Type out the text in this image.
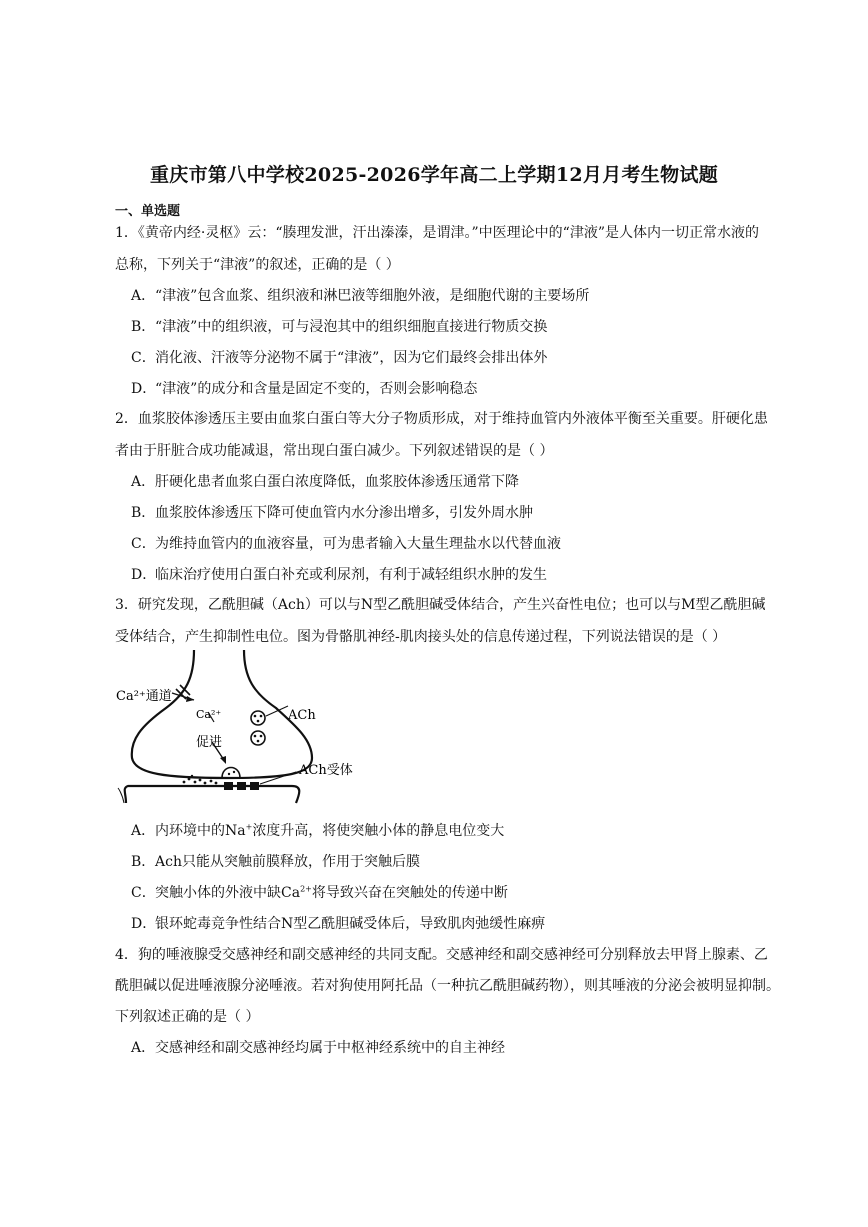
重庆市第八中学校2025-2026学年高二上学期12月月考生物试题
一、单选题
1．《黄帝内经·灵枢》云：“腠理发泄，汗出溱溱，是谓津。”中医理论中的“津液”是人体内一切正常水液的
总称，下列关于“津液”的叙述，正确的是（ ）
A．“津液”包含血浆、组织液和淋巴液等细胞外液，是细胞代谢的主要场所
B．“津液”中的组织液，可与浸泡其中的组织细胞直接进行物质交换
C．消化液、汗液等分泌物不属于“津液”，因为它们最终会排出体外
D．“津液”的成分和含量是固定不变的，否则会影响稳态
2．血浆胶体渗透压主要由血浆白蛋白等大分子物质形成，对于维持血管内外液体平衡至关重要。肝硬化患
者由于肝脏合成功能减退，常出现白蛋白减少。下列叙述错误的是（ ）
A．肝硬化患者血浆白蛋白浓度降低，血浆胶体渗透压通常下降
B．血浆胶体渗透压下降可使血管内水分渗出增多，引发外周水肿
C．为维持血管内的血液容量，可为患者输入大量生理盐水以代替血液
D．临床治疗使用白蛋白补充或利尿剂，有利于减轻组织水肿的发生
3．研究发现，乙酰胆碱（Ach）可以与N型乙酰胆碱受体结合，产生兴奋性电位；也可以与M型乙酰胆碱
受体结合，产生抑制性电位。图为骨骼肌神经-肌肉接头处的信息传递过程，下列说法错误的是（ ）
Ca²⁺通道
Ca²⁺
促进
ACh
ACh受体
A．内环境中的Na+浓度升高，将使突触小体的静息电位变大
B．Ach只能从突触前膜释放，作用于突触后膜
C．突触小体的外液中缺$Ca^{2+}$将导致兴奋在突触处的传递中断
D．银环蛇毒竞争性结合N型乙酰胆碱受体后，导致肌肉弛缓性麻痹
4．狗的唾液腺受交感神经和副交感神经的共同支配。交感神经和副交感神经可分别释放去甲肾上腺素、乙
酰胆碱以促进唾液腺分泌唾液。若对狗使用阿托品（一种抗乙酰胆碱药物），则其唾液的分泌会被明显抑制。
下列叙述正确的是（ ）
A．交感神经和副交感神经均属于中枢神经系统中的自主神经
